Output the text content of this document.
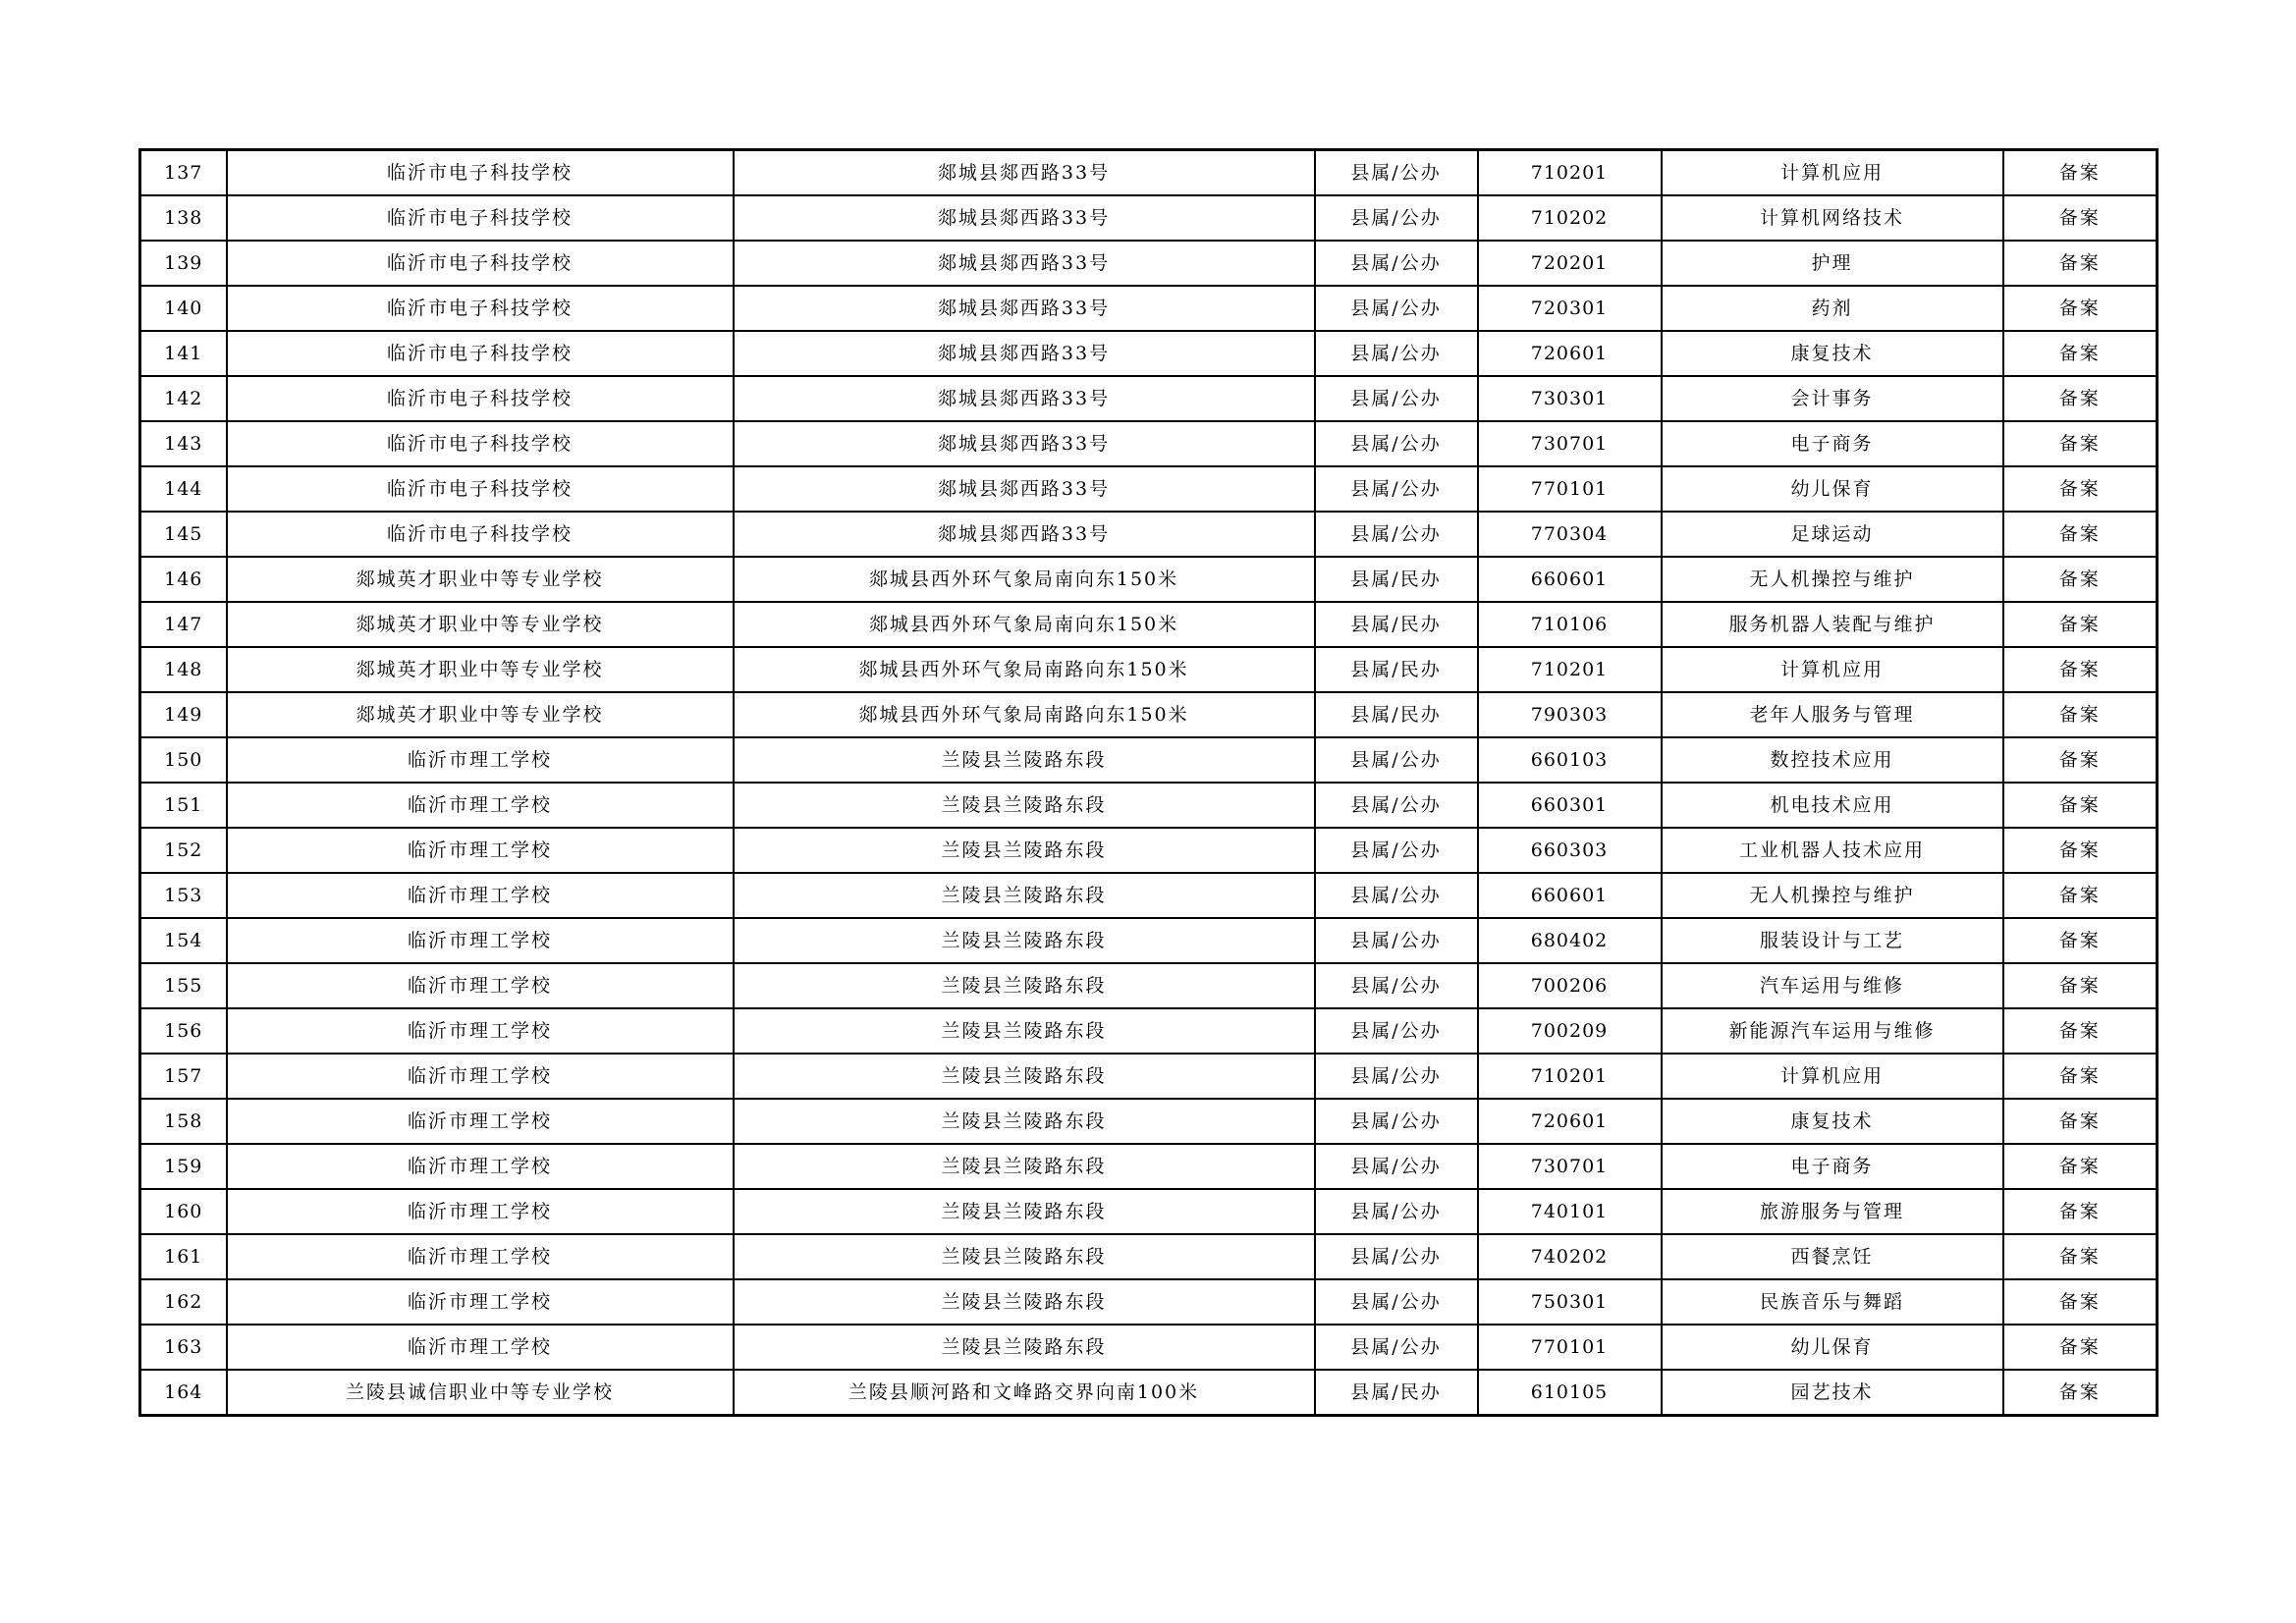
137	临沂市电子科技学校	郯城县郯西路33号	县属/公办	710201	计算机应用	备案
138	临沂市电子科技学校	郯城县郯西路33号	县属/公办	710202	计算机网络技术	备案
139	临沂市电子科技学校	郯城县郯西路33号	县属/公办	720201	护理	备案
140	临沂市电子科技学校	郯城县郯西路33号	县属/公办	720301	药剂	备案
141	临沂市电子科技学校	郯城县郯西路33号	县属/公办	720601	康复技术	备案
142	临沂市电子科技学校	郯城县郯西路33号	县属/公办	730301	会计事务	备案
143	临沂市电子科技学校	郯城县郯西路33号	县属/公办	730701	电子商务	备案
144	临沂市电子科技学校	郯城县郯西路33号	县属/公办	770101	幼儿保育	备案
145	临沂市电子科技学校	郯城县郯西路33号	县属/公办	770304	足球运动	备案
146	郯城英才职业中等专业学校	郯城县西外环气象局南向东150米	县属/民办	660601	无人机操控与维护	备案
147	郯城英才职业中等专业学校	郯城县西外环气象局南向东150米	县属/民办	710106	服务机器人装配与维护	备案
148	郯城英才职业中等专业学校	郯城县西外环气象局南路向东150米	县属/民办	710201	计算机应用	备案
149	郯城英才职业中等专业学校	郯城县西外环气象局南路向东150米	县属/民办	790303	老年人服务与管理	备案
150	临沂市理工学校	兰陵县兰陵路东段	县属/公办	660103	数控技术应用	备案
151	临沂市理工学校	兰陵县兰陵路东段	县属/公办	660301	机电技术应用	备案
152	临沂市理工学校	兰陵县兰陵路东段	县属/公办	660303	工业机器人技术应用	备案
153	临沂市理工学校	兰陵县兰陵路东段	县属/公办	660601	无人机操控与维护	备案
154	临沂市理工学校	兰陵县兰陵路东段	县属/公办	680402	服装设计与工艺	备案
155	临沂市理工学校	兰陵县兰陵路东段	县属/公办	700206	汽车运用与维修	备案
156	临沂市理工学校	兰陵县兰陵路东段	县属/公办	700209	新能源汽车运用与维修	备案
157	临沂市理工学校	兰陵县兰陵路东段	县属/公办	710201	计算机应用	备案
158	临沂市理工学校	兰陵县兰陵路东段	县属/公办	720601	康复技术	备案
159	临沂市理工学校	兰陵县兰陵路东段	县属/公办	730701	电子商务	备案
160	临沂市理工学校	兰陵县兰陵路东段	县属/公办	740101	旅游服务与管理	备案
161	临沂市理工学校	兰陵县兰陵路东段	县属/公办	740202	西餐烹饪	备案
162	临沂市理工学校	兰陵县兰陵路东段	县属/公办	750301	民族音乐与舞蹈	备案
163	临沂市理工学校	兰陵县兰陵路东段	县属/公办	770101	幼儿保育	备案
164	兰陵县诚信职业中等专业学校	兰陵县顺河路和文峰路交界向南100米	县属/民办	610105	园艺技术	备案
